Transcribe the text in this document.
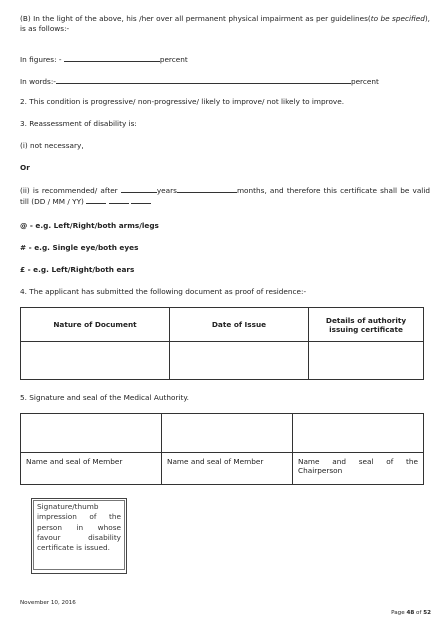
(B) In the light of the above, his /her over all permanent physical impairment as per guidelines(to be specified), is as follows:-

In figures: -	percent

In words:-	percent

2. This condition is progressive/ non-progressive/ likely to improve/ not likely to improve.

3. Reassessment of disability is:

(i) not necessary,

Or

(ii) is recommended/ after	years	months, and therefore this certificate shall be valid till (DD / MM / YY)

@ - e.g. Left/Right/both arms/legs

# - e.g. Single eye/both eyes

£ - e.g. Left/Right/both ears

4. The applicant has submitted the following document as proof of residence:-

Nature of Document	Date of Issue	Details of authority issuing certificate

5. Signature and seal of the Medical Authority.

Name and seal of Member	Name and seal of Member	Name and seal of the Chairperson
Signature/thumb impression of the person in whose favour disability certificate is issued.
November 10, 2016
Page 48 of 52
